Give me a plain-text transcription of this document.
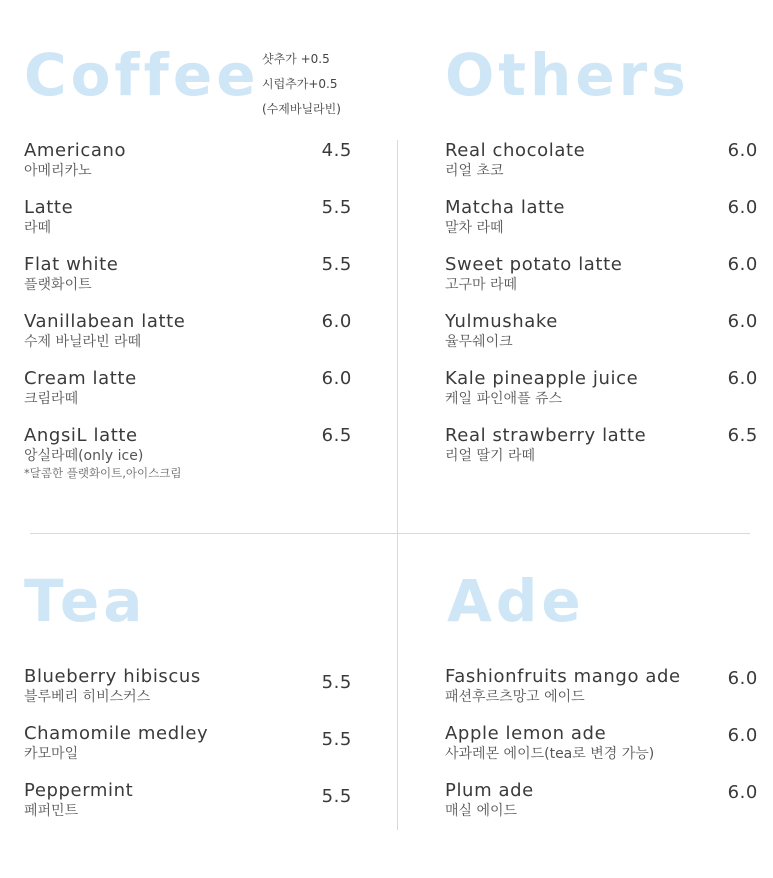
Coffee 샷추가 +0.5
시럽추가+0.5
(수제바닐라빈)
Americano
아메리카노
4.5
Latte
라떼
5.5
Flat white
플랫화이트
5.5
Vanillabean latte
수제 바닐라빈 라떼
6.0
Cream latte
크림라떼
6.0
AngsiL latte
앙실라떼(only ice)
*달콤한 플랫화이트,아이스크림
6.5
Others
Real chocolate
리얼 초코
6.0
Matcha latte
말차 라떼
6.0
Sweet potato latte
고구마 라떼
6.0
Yulmushake
율무쉐이크
6.0
Kale pineapple juice
케일 파인애플 쥬스
6.0
Real strawberry latte
리얼 딸기 라떼
6.5
Tea
Blueberry hibiscus
블루베리 히비스커스
5.5
Chamomile medley
카모마일
5.5
Peppermint
페퍼민트
5.5
Ade
Fashionfruits mango ade
패션후르츠망고 에이드
6.0
Apple lemon ade
사과레몬 에이드(tea로 변경 가능)
6.0
Plum ade
매실 에이드
6.0
